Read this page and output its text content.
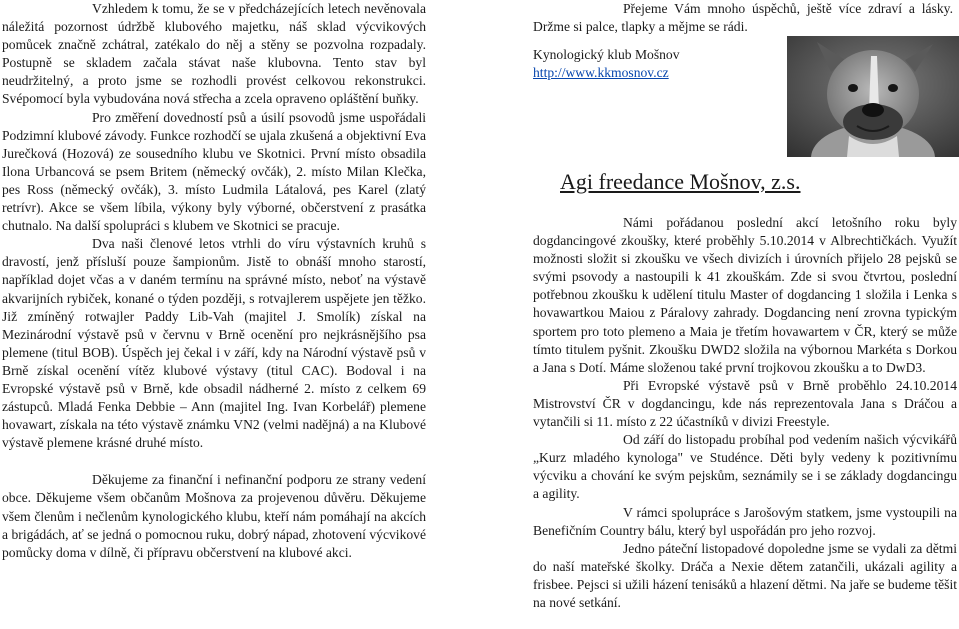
Vzhledem k tomu, že se v předcházejících letech nevěnovala náležitá pozornost údržbě klubového majetku, náš sklad výcvikových pomůcek značně zchátral, zatékalo do něj a stěny se pozvolna rozpadaly. Postupně se skladem začala stávat naše klubovna. Tento stav byl neudržitelný, a proto jsme se rozhodli provést celkovou rekonstrukci. Svépomocí byla vybudována nová střecha a zcela opraveno opláštění buňky.

Pro změření dovedností psů a úsilí psovodů jsme uspořádali Podzimní klubové závody. Funkce rozhodčí se ujala zkušená a objektivní Eva Jurečková (Hozová) ze sousedního klubu ve Skotnici. První místo obsadila Ilona Urbancová se psem Britem (německý ovčák), 2. místo Milan Klečka, pes Ross (německý ovčák), 3. místo Ludmila Látalová, pes Karel (zlatý retrívr). Akce se všem líbila, výkony byly výborné, občerstvení z prasátka chutnalo. Na další spolupráci s klubem ve Skotnici se pracuje.

Dva naši členové letos vtrhli do víru výstavních kruhů s dravostí, jenž přísluší pouze šampionům. Jistě to obnáší mnoho starostí, například dojet včas a v daném termínu na správné místo, neboť na výstavě akvarijních rybiček, konané o týden později, s rotvajlerem uspějete jen těžko. Již zmíněný rotwajler Paddy Lib-Vah (majitel J. Smolík) získal na Mezinárodní výstavě psů v červnu v Brně ocenění pro nejkrásnějšího psa plemene (titul BOB). Úspěch jej čekal i v září, kdy na Národní výstavě psů v Brně získal ocenění vítěz klubové výstavy (titul CAC). Bodoval i na Evropské výstavě psů v Brně, kde obsadil nádherné 2. místo z celkem 69 zástupců. Mladá Fenka Debbie – Ann (majitel Ing. Ivan Korbelář) plemene hovawart, získala na této výstavě známku VN2 (velmi nadějná) a na Klubové výstavě plemene krásné druhé místo.

Děkujeme za finanční i nefinanční podporu ze strany vedení obce. Děkujeme všem občanům Mošnova za projevenou důvěru. Děkujeme všem členům i nečlenům kynologického klubu, kteří nám pomáhají na akcích a brigádách, ať se jedná o pomocnou ruku, dobrý nápad, zhotovení výcvikové pomůcky doma v dílně, či přípravu občerstvení na klubové akci.

Přejeme Vám mnoho úspěchů, ještě více zdraví a lásky. Držme si palce, tlapky a mějme se rádi.

Kynologický klub Mošnov
http://www.kkmosnov.cz
Agi freedance Mošnov, z.s.

Námi pořádanou poslední akcí letošního roku byly dogdancingové zkoušky, které proběhly 5.10.2014 v Albrechtičkách. Využít možnosti složit si zkoušku ve všech divizích i úrovních přijelo 28 pejsků se svými psovody a nastoupili k 41 zkouškám. Zde si svou čtvrtou, poslední potřebnou zkoušku k udělení titulu Master of dogdancing 1 složila i Lenka s hovawartkou Maiou z Páralovy zahrady. Dogdancing není zrovna typickým sportem pro toto plemeno a Maia je třetím hovawartem v ČR, který se může tímto titulem pyšnit. Zkoušku DWD2 složila na výbornou Markéta s Dorkou a Jana s Dotí. Máme složenou také první trojkovou zkoušku a to DwD3.

Při Evropské výstavě psů v Brně proběhlo 24.10.2014 Mistrovství ČR v dogdancingu, kde nás reprezentovala Jana s Dráčou a vytančili si 11. místo z 22 účastníků v divizi Freestyle.

Od září do listopadu probíhal pod vedením našich výcvikářů „Kurz mladého kynologa" ve Studénce. Děti byly vedeny k pozitivnímu výcviku a chování ke svým pejskům, seznámily se i se základy dogdancingu a agility.

V rámci spolupráce s Jarošovým statkem, jsme vystoupili na Benefičním Country bálu, který byl uspořádán pro jeho rozvoj.

Jedno páteční listopadové dopoledne jsme se vydali za dětmi do naší mateřské školky. Dráča a Nexie dětem zatančili, ukázali agility a frisbee. Pejsci si užili házení tenisáků a hlazení dětmi. Na jaře se budeme těšit na nové setkání.
